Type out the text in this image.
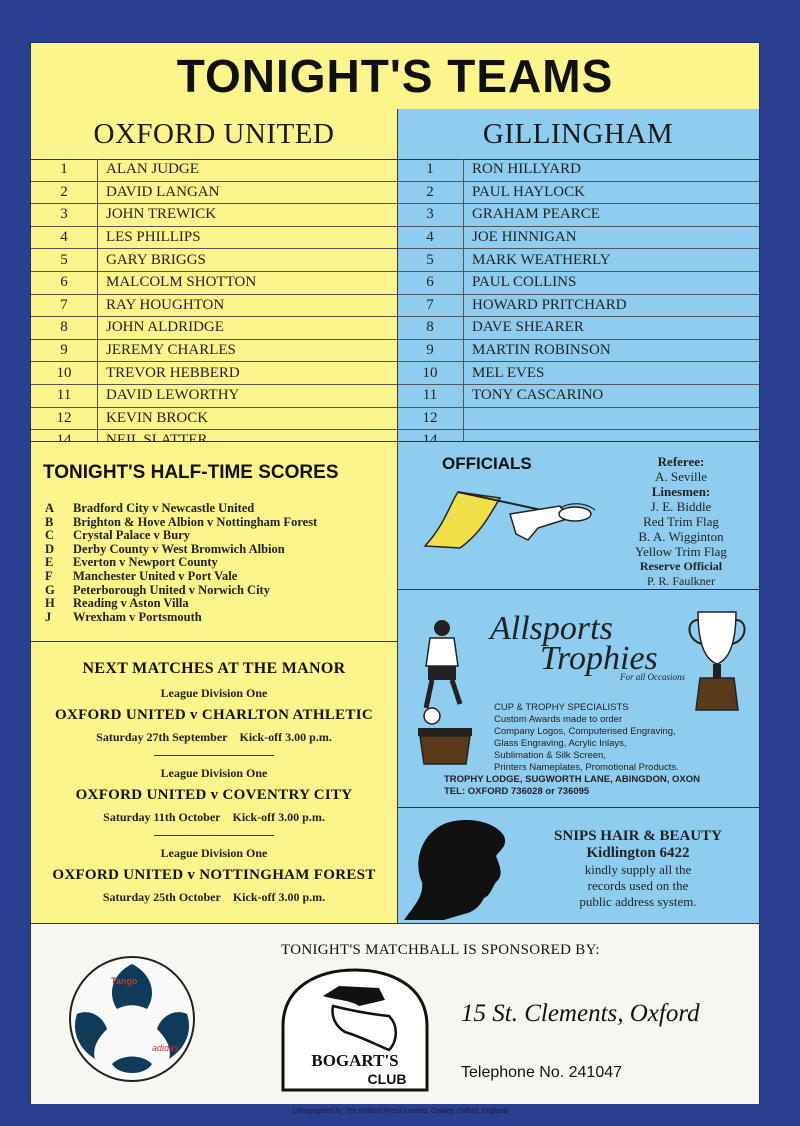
TONIGHT'S TEAMS
OXFORD UNITED	GILLINGHAM
1	ALAN JUDGE
2	DAVID LANGAN
3	JOHN TREWICK
4	LES PHILLIPS
5	GARY BRIGGS
6	MALCOLM SHOTTON
7	RAY HOUGHTON
8	JOHN ALDRIDGE
9	JEREMY CHARLES
10	TREVOR HEBBERD
11	DAVID LEWORTHY
12	KEVIN BROCK

1	RON HILLYARD
2	PAUL HAYLOCK
3	GRAHAM PEARCE
4	JOE HINNIGAN
5	MARK WEATHERLY
6	PAUL COLLINS
7	HOWARD PRITCHARD
8	DAVE SHEARER
9	MARTIN ROBINSON
10	MEL EVES
11	TONY CASCARINO
12	

TONIGHT'S HALF-TIME SCORES
A	Bradford City v Newcastle United
B	Brighton & Hove Albion v Nottingham Forest
C	Crystal Palace v Bury
D	Derby County v West Bromwich Albion
E	Everton v Newport County
F	Manchester United v Port Vale
G	Peterborough United v Norwich City
H	Reading v Aston Villa
J	Wrexham v Portsmouth
NEXT MATCHES AT THE MANOR
League Division One
OXFORD UNITED v CHARLTON ATHLETIC
Saturday 27th September Kick-off 3.00 p.m.
League Division One
OXFORD UNITED v COVENTRY CITY
Saturday 11th October Kick-off 3.00 p.m.
League Division One
OXFORD UNITED v NOTTINGHAM FOREST
Saturday 25th October Kick-off 3.00 p.m.
OFFICIALS	Referee:
A. Seville
Linesmen:
J. E. Biddle
Red Trim Flag
B. A. Wigginton
Yellow Trim Flag
Reserve Official
P. R. Faulkner
Allsports
Trophies
For all Occasions
CUP & TROPHY SPECIALISTS
Custom Awards made to order
Company Logos, Computerised Engraving,
Glass Engraving, Acrylic Inlays,
Sublimation & Silk Screen,
Printers Nameplates, Promotional Products.
TROPHY LODGE, SUGWORTH LANE, ABINGDON, OXON
TEL: OXFORD 736028 or 736095
SNIPS HAIR & BEAUTY
Kidlington 6422
kindly supply all the
records used on the
public address system.
TONIGHT'S MATCHBALL IS SPONSORED BY:
Tango
adidas
FIFA
BOGART'S
CLUB
15 St. Clements, Oxford
Telephone No. 241047
Lithographed by The Nuffield Press Limited, Cowley, Oxford, England
